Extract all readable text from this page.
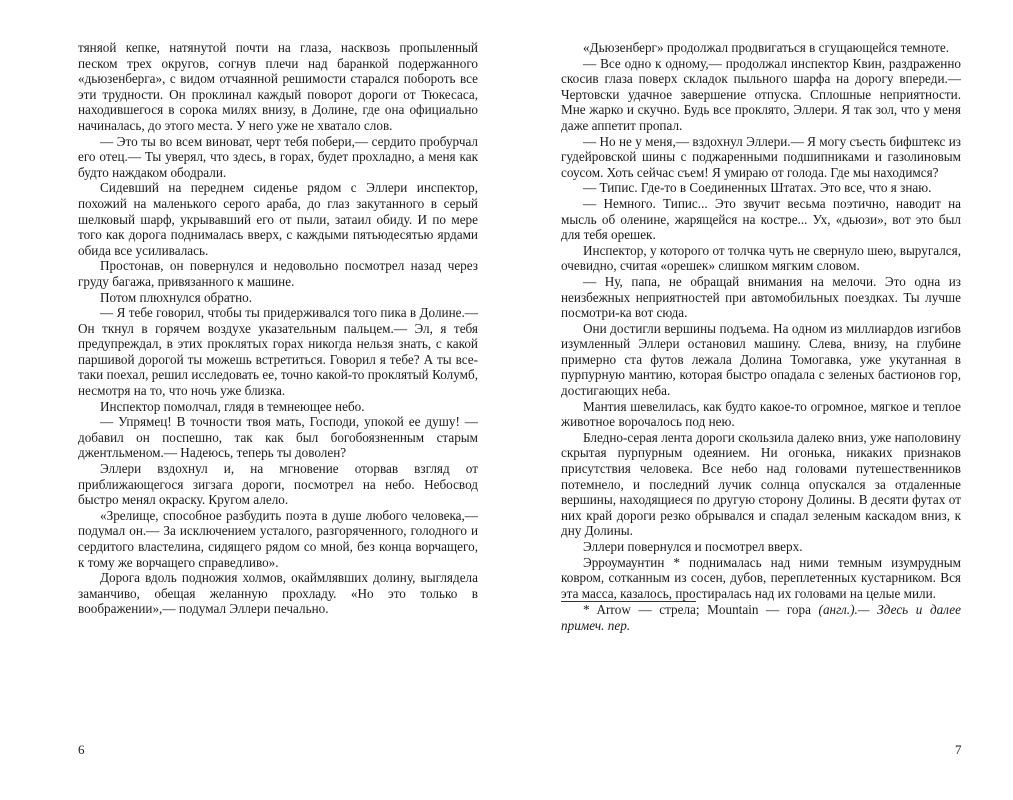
тяняой кепке, натянутой почти на глаза, насквозь пропыленный песком трех округов, согнув плечи над баранкой подержанного «дьюзенберга», с видом отчаянной решимости старался побороть все эти трудности. Он проклинал каждый поворот дороги от Тюкесаса, находившегося в сорока милях внизу, в Долине, где она официально начиналась, до этого места. У него уже не хватало слов.

— Это ты во всем виноват, черт тебя побери,— сердито пробурчал его отец.— Ты уверял, что здесь, в горах, будет прохладно, а меня как будто наждаком ободрали.

Сидевший на переднем сиденье рядом с Эллери инспектор, похожий на маленького серого араба, до глаз закутанного в серый шелковый шарф, укрывавший его от пыли, затаил обиду. И по мере того как дорога поднималась вверх, с каждыми пятьюдесятью ярдами обида все усиливалась.

Простонав, он повернулся и недовольно посмотрел назад через груду багажа, привязанного к машине.

Потом плюхнулся обратно.

— Я тебе говорил, чтобы ты придерживался того пика в Долине.— Он ткнул в горячем воздухе указательным пальцем.— Эл, я тебя предупреждал, в этих проклятых горах никогда нельзя знать, с какой паршивой дорогой ты можешь встретиться. Говорил я тебе? А ты все-таки поехал, решил исследовать ее, точно какой-то проклятый Колумб, несмотря на то, что ночь уже близка.

Инспектор помолчал, глядя в темнеющее небо.

— Упрямец! В точности твоя мать, Господи, упокой ее душу! — добавил он поспешно, так как был богобоязненным старым джентльменом.— Надеюсь, теперь ты доволен?

Эллери вздохнул и, на мгновение оторвав взгляд от приближающегося зигзага дороги, посмотрел на небо. Небосвод быстро менял окраску. Кругом алело.

«Зрелище, способное разбудить поэта в душе любого человека,— подумал он.— За исключением усталого, разгоряченного, голодного и сердитого властелина, сидящего рядом со мной, без конца ворчащего, к тому же ворчащего справедливо».

Дорога вдоль подножия холмов, окаймлявших долину, выглядела заманчиво, обещая желанную прохладу. «Но это только в воображении»,— подумал Эллери печально.

6

«Дьюзенберг» продолжал продвигаться в сгущающейся темноте.

— Все одно к одному,— продолжал инспектор Квин, раздраженно скосив глаза поверх складок пыльного шарфа на дорогу впереди.— Чертовски удачное завершение отпуска. Сплошные неприятности. Мне жарко и скучно. Будь все проклято, Эллери. Я так зол, что у меня даже аппетит пропал.

— Но не у меня,— вздохнул Эллери.— Я могу съесть бифштекс из гудейровской шины с поджаренными подшипниками и газолиновым соусом. Хоть сейчас съем! Я умираю от голода. Где мы находимся?

— Типис. Где-то в Соединенных Штатах. Это все, что я знаю.

— Немного. Типис... Это звучит весьма поэтично, наводит на мысль об оленине, жарящейся на костре... Ух, «дьюзи», вот это был для тебя орешек.

Инспектор, у которого от толчка чуть не свернуло шею, выругался, очевидно, считая «орешек» слишком мягким словом.

— Ну, папа, не обращай внимания на мелочи. Это одна из неизбежных неприятностей при автомобильных поездках. Ты лучше посмотри-ка вот сюда.

Они достигли вершины подъема. На одном из миллиардов изгибов изумленный Эллери остановил машину. Слева, внизу, на глубине примерно ста футов лежала Долина Томогавка, уже укутанная в пурпурную мантию, которая быстро опадала с зеленых бастионов гор, достигающих неба.

Мантия шевелилась, как будто какое-то огромное, мягкое и теплое животное ворочалось под нею.

Бледно-серая лента дороги скользила далеко вниз, уже наполовину скрытая пурпурным одеянием. Ни огонька, никаких признаков присутствия человека. Все небо над головами путешественников потемнело, и последний лучик солнца опускался за отдаленные вершины, находящиеся по другую сторону Долины. В десяти футах от них край дороги резко обрывался и спадал зеленым каскадом вниз, к дну Долины.

Эллери повернулся и посмотрел вверх.

Эрроумаунтин * поднималась над ними темным изумрудным ковром, сотканным из сосен, дубов, переплетенных кустарником. Вся эта масса, казалось, простиралась над их головами на целые мили.

* Arrow — стрела; Mountain — гора (англ.).— Здесь и далее примеч. пер.

7
